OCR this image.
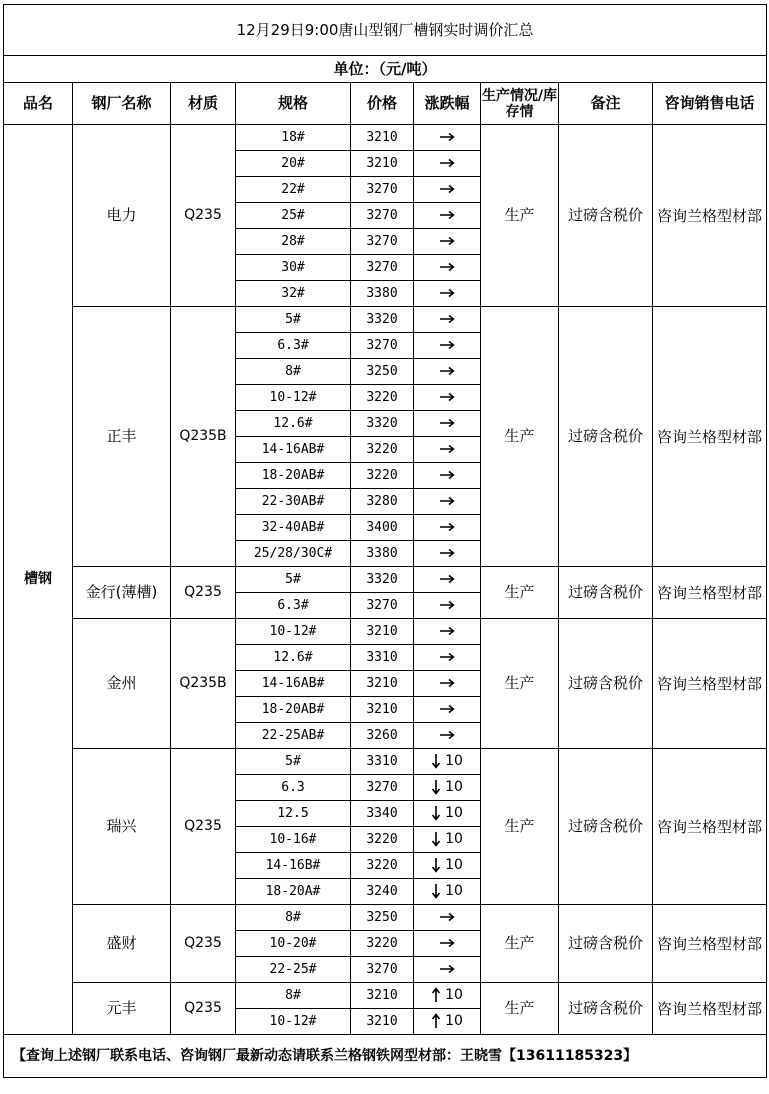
12月29日9:00唐山型钢厂槽钢实时调价汇总								
单位：（元/吨）								
品名	钢厂名称	材质	规格	价格	涨跌幅	生产情况/库存情	备注	咨询销售电话
槽钢	电力	Q235	18#	3210		生产	过磅含税价	咨询兰格型材部
			20#	3210	
			22#	3270	
			25#	3270	
			28#	3270	
			30#	3270	
			32#	3380	
	正丰	Q235B	5#	3320		生产	过磅含税价	咨询兰格型材部
			6.3#	3270	
			8#	3250	
			10-12#	3220	
			12.6#	3320	
			14-16AB#	3220	
			18-20AB#	3220	
			22-30AB#	3280	
			32-40AB#	3400	
			25/28/30C#	3380	
	金行(薄槽)	Q235	5#	3320		生产	过磅含税价	咨询兰格型材部
			6.3#	3270	
	金州	Q235B	10-12#	3210		生产	过磅含税价	咨询兰格型材部
			12.6#	3310	
			14-16AB#	3210	
			18-20AB#	3210	
			22-25AB#	3260	
	瑞兴	Q235	5#	3310	10	生产	过磅含税价	咨询兰格型材部
			6.3	3270	10			
			12.5	3340	10			
			10-16#	3220	10			
			14-16B#	3220	10			
			18-20A#	3240	10			
	盛财	Q235	8#	3250		生产	过磅含税价	咨询兰格型材部
			10-20#	3220	
			22-25#	3270	
	元丰	Q235	8#	3210	10	生产	过磅含税价	咨询兰格型材部
			10-12#	3210	10			
【查询上述钢厂联系电话、咨询钢厂最新动态请联系兰格钢铁网型材部：王晓雪【13611185323】								
